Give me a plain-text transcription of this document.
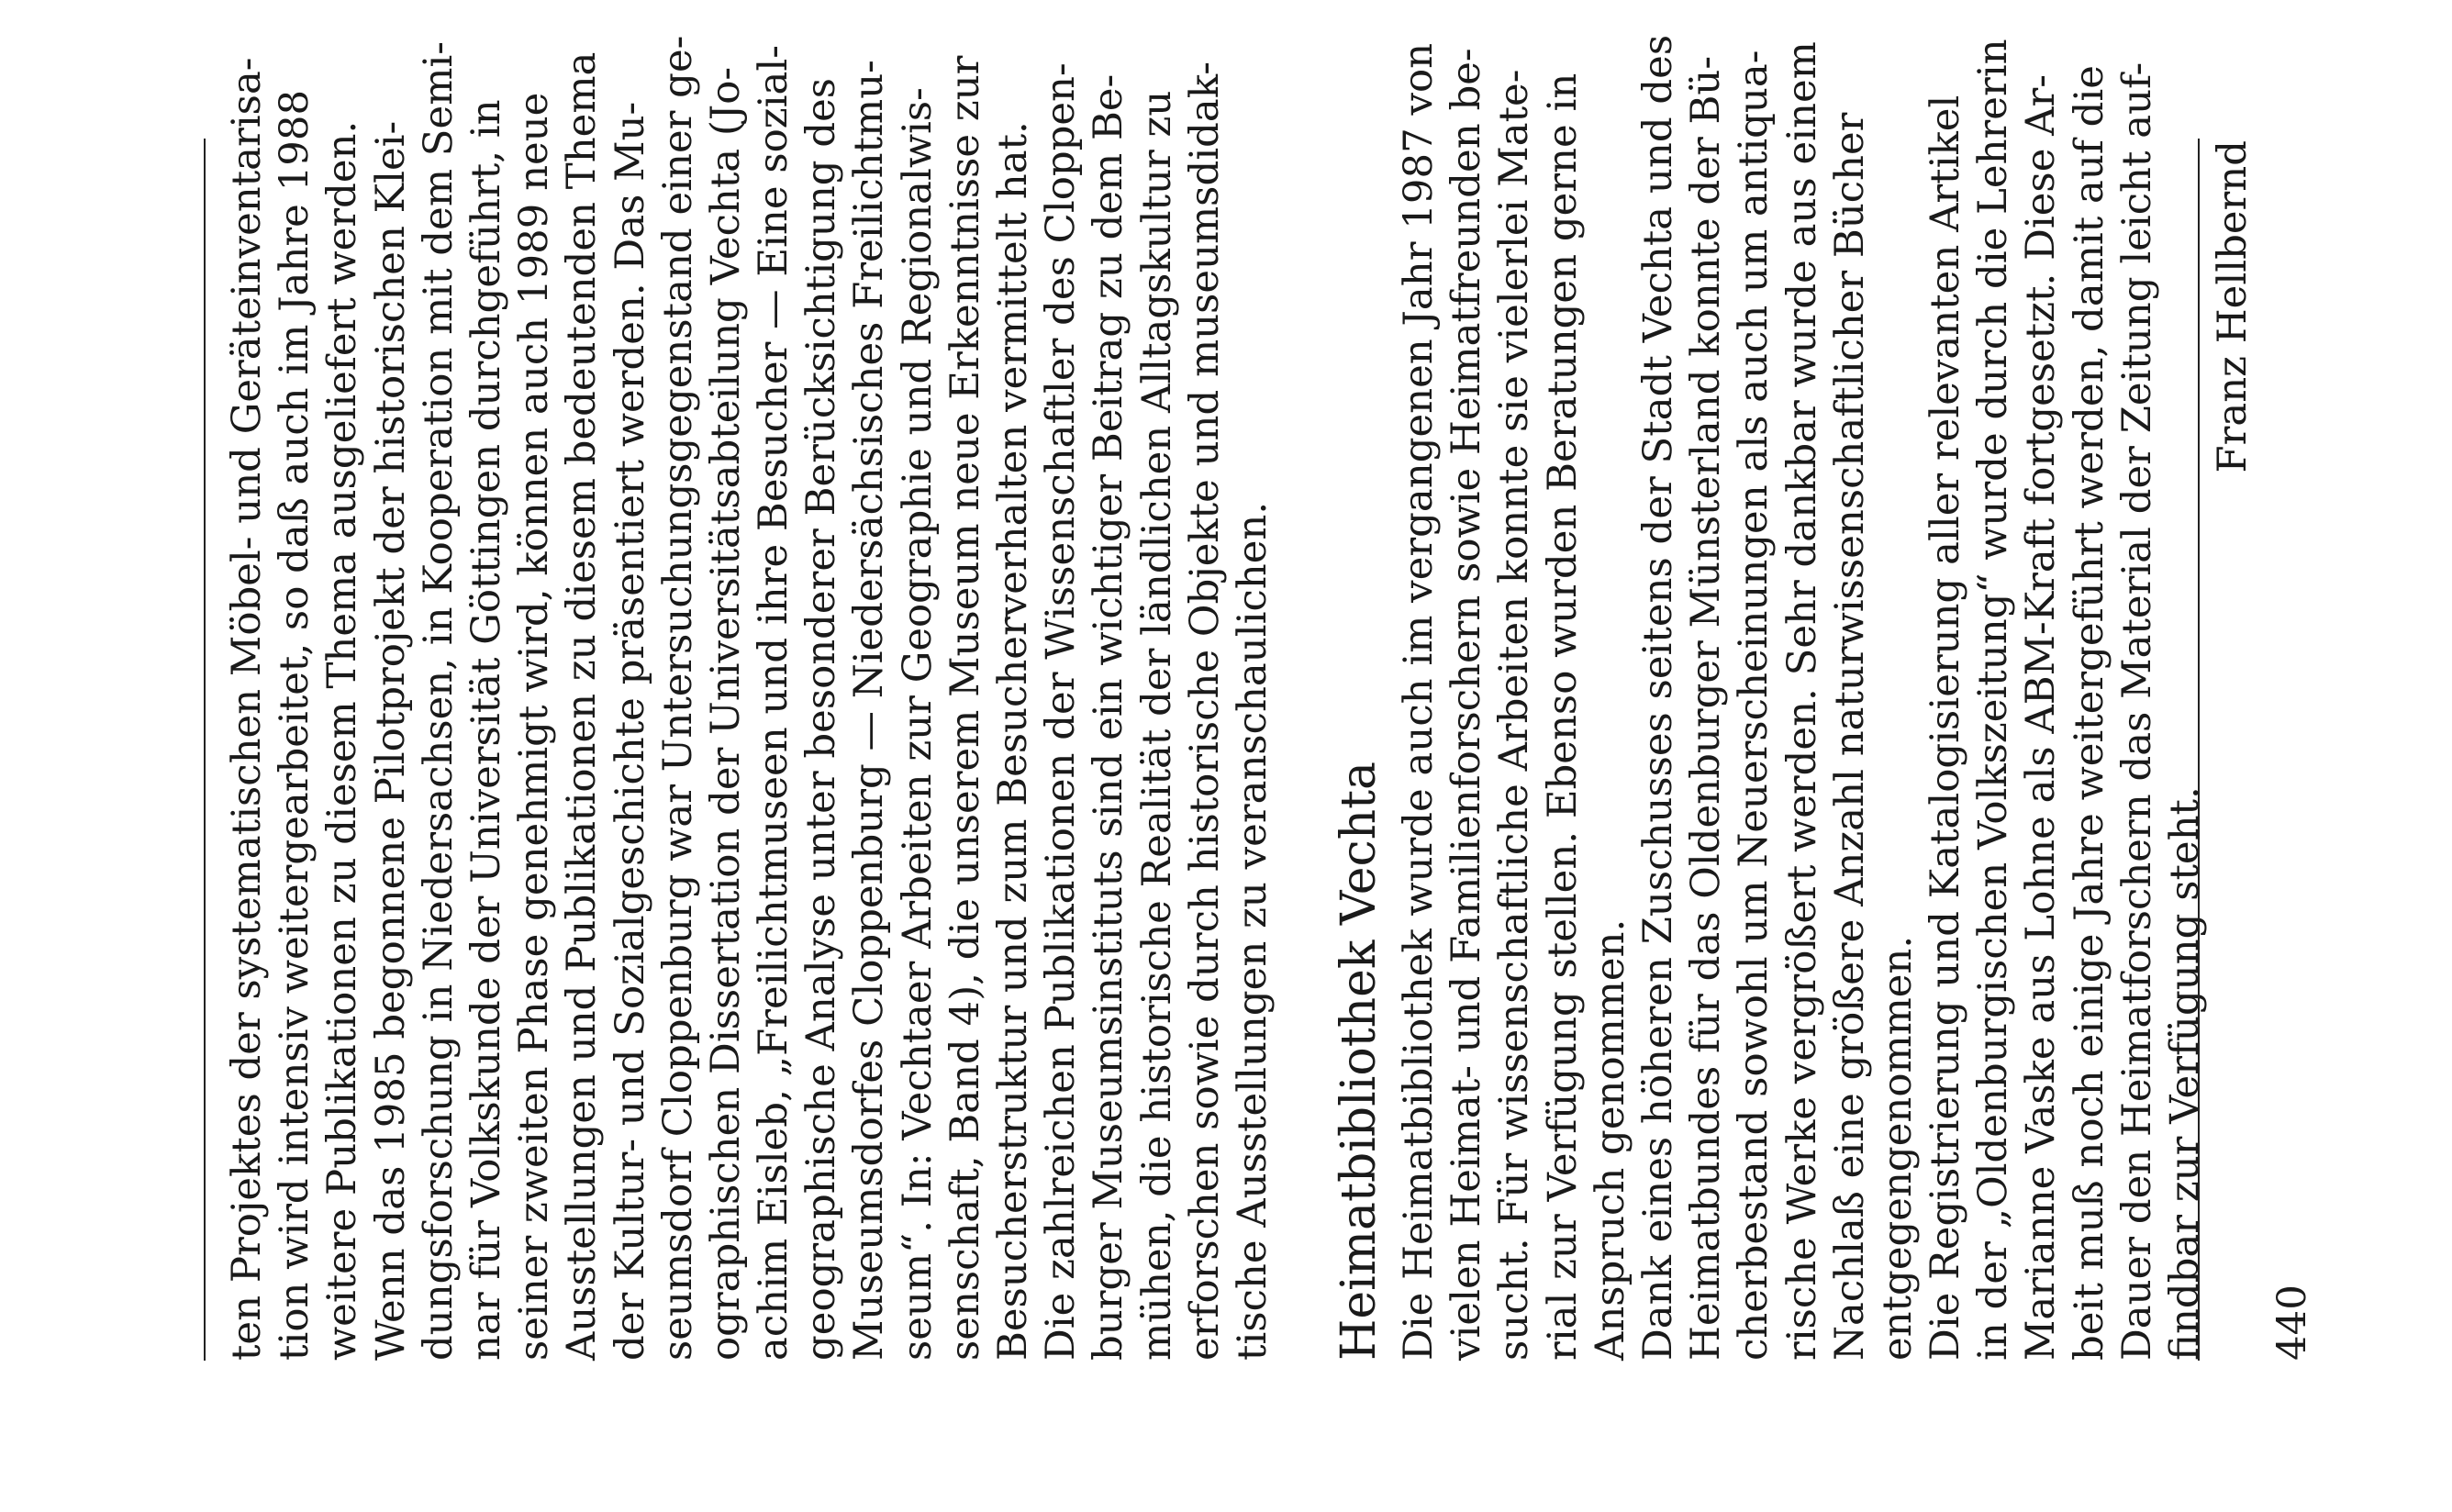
ten Projektes der systematischen Möbel- und Geräteinventarisa- tion wird intensiv weitergearbeitet, so daß auch im Jahre 1988 weitere Publikationen zu diesem Thema ausgeliefert werden. Wenn das 1985 begonnene Pilotprojekt der historischen Klei- dungsforschung in Niedersachsen, in Kooperation mit dem Semi- nar für Volkskunde der Universität Göttingen durchgeführt, in seiner zweiten Phase genehmigt wird, können auch 1989 neue Ausstellungen und Publikationen zu diesem bedeutenden Thema der Kultur- und Sozialgeschichte präsentiert werden. Das Mu- seumsdorf Cloppenburg war Untersuchungsgegenstand einer ge- ographischen Dissertation der Universitätsabteilung Vechta (Jo- achim Eisleb, „Freilichtmuseen und ihre Besucher — Eine sozial- geographische Analyse unter besonderer Berücksichtigung des Museumsdorfes Cloppenburg — Niedersächsisches Freilichtmu- seum“. In: Vechtaer Arbeiten zur Geographie und Regionalwis- senschaft, Band 4), die unserem Museum neue Erkenntnisse zur Besucherstruktur und zum Besucherverhalten vermittelt hat. Die zahlreichen Publikationen der Wissenschaftler des Cloppen- burger Museumsinstituts sind ein wichtiger Beitrag zu dem Be- mühen, die historische Realität der ländlichen Alltagskultur zu erforschen sowie durch historische Objekte und museumsdidak- tische Ausstellungen zu veranschaulichen. Heimatbibliothek Vechta Die Heimatbibliothek wurde auch im vergangenen Jahr 1987 von vielen Heimat- und Familienforschern sowie Heimatfreunden be- sucht. Für wissenschaftliche Arbeiten konnte sie vielerlei Mate- rial zur Verfügung stellen. Ebenso wurden Beratungen gerne in Anspruch genommen. Dank eines höheren Zuschusses seitens der Stadt Vechta und des Heimatbundes für das Oldenburger Münsterland konnte der Bü- cherbestand sowohl um Neuerscheinungen als auch um antiqua- rische Werke vergrößert werden. Sehr dankbar wurde aus einem Nachlaß eine größere Anzahl naturwissenschaftlicher Bücher entgegengenommen. Die Registrierung und Katalogisierung aller relevanten Artikel in der „Oldenburgischen Volkszeitung“ wurde durch die Lehrerin Marianne Vaske aus Lohne als ABM-Kraft fortgesetzt. Diese Ar- beit muß noch einige Jahre weitergeführt werden, damit auf die Dauer den Heimatforschern das Material der Zeitung leicht auf- findbar zur Verfügung steht.
Franz Hellbernd
440
